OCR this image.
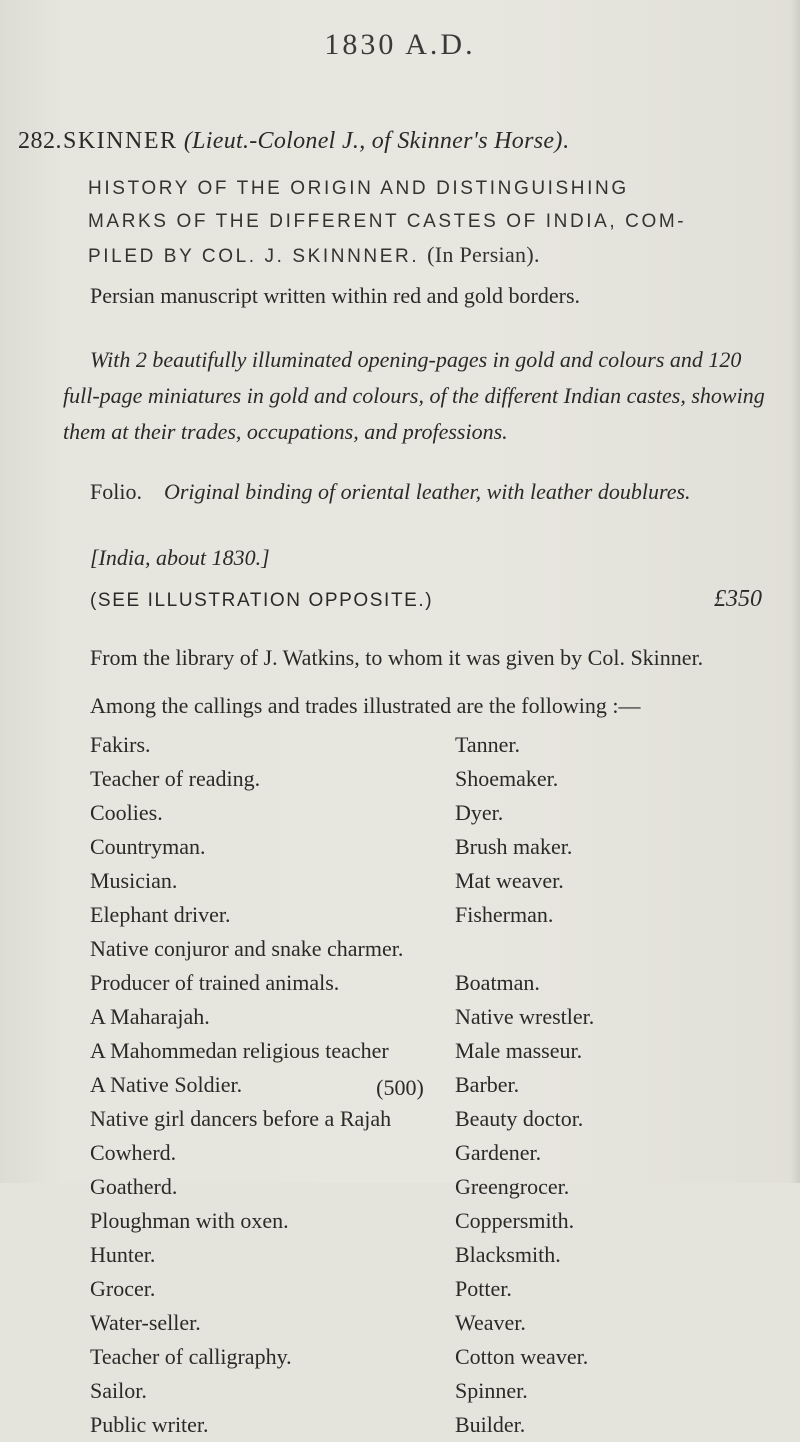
1830 A.D.
282. SKINNER (Lieut.-Colonel J., of Skinner's Horse).
HISTORY OF THE ORIGIN AND DISTINGUISHING
MARKS OF THE DIFFERENT CASTES OF INDIA, COM-
PILED BY COL. J. SKINNNER. (In Persian).
Persian manuscript written within red and gold borders.
With 2 beautifully illuminated opening-pages in gold and colours and 120 full-page miniatures in gold and colours, of the different Indian castes, showing them at their trades, occupations, and professions.
Folio. Original binding of oriental leather, with leather doublures.
[India, about 1830.]
(SEE ILLUSTRATION OPPOSITE.)	£350
From the library of J. Watkins, to whom it was given by Col. Skinner.
Among the callings and trades illustrated are the following :—
Fakirs.
Teacher of reading.
Coolies.
Countryman.
Musician.
Elephant driver.
Native conjuror and snake charmer.
Producer of trained animals.
A Maharajah.
A Mahommedan religious teacher
A Native Soldier.
Native girl dancers before a Rajah
Cowherd.
Goatherd.
Ploughman with oxen.
Hunter.
Grocer.
Water-seller.
Teacher of calligraphy.
Sailor.
Public writer.
Tanner.
Shoemaker.
Dyer.
Brush maker.
Mat weaver.
Fisherman.
Boatman.
Native wrestler.
Male masseur.
Barber.
Beauty doctor.
Gardener.
Greengrocer.
Coppersmith.
Blacksmith.
Potter.
Weaver.
Cotton weaver.
Spinner.
Builder.
(500)
